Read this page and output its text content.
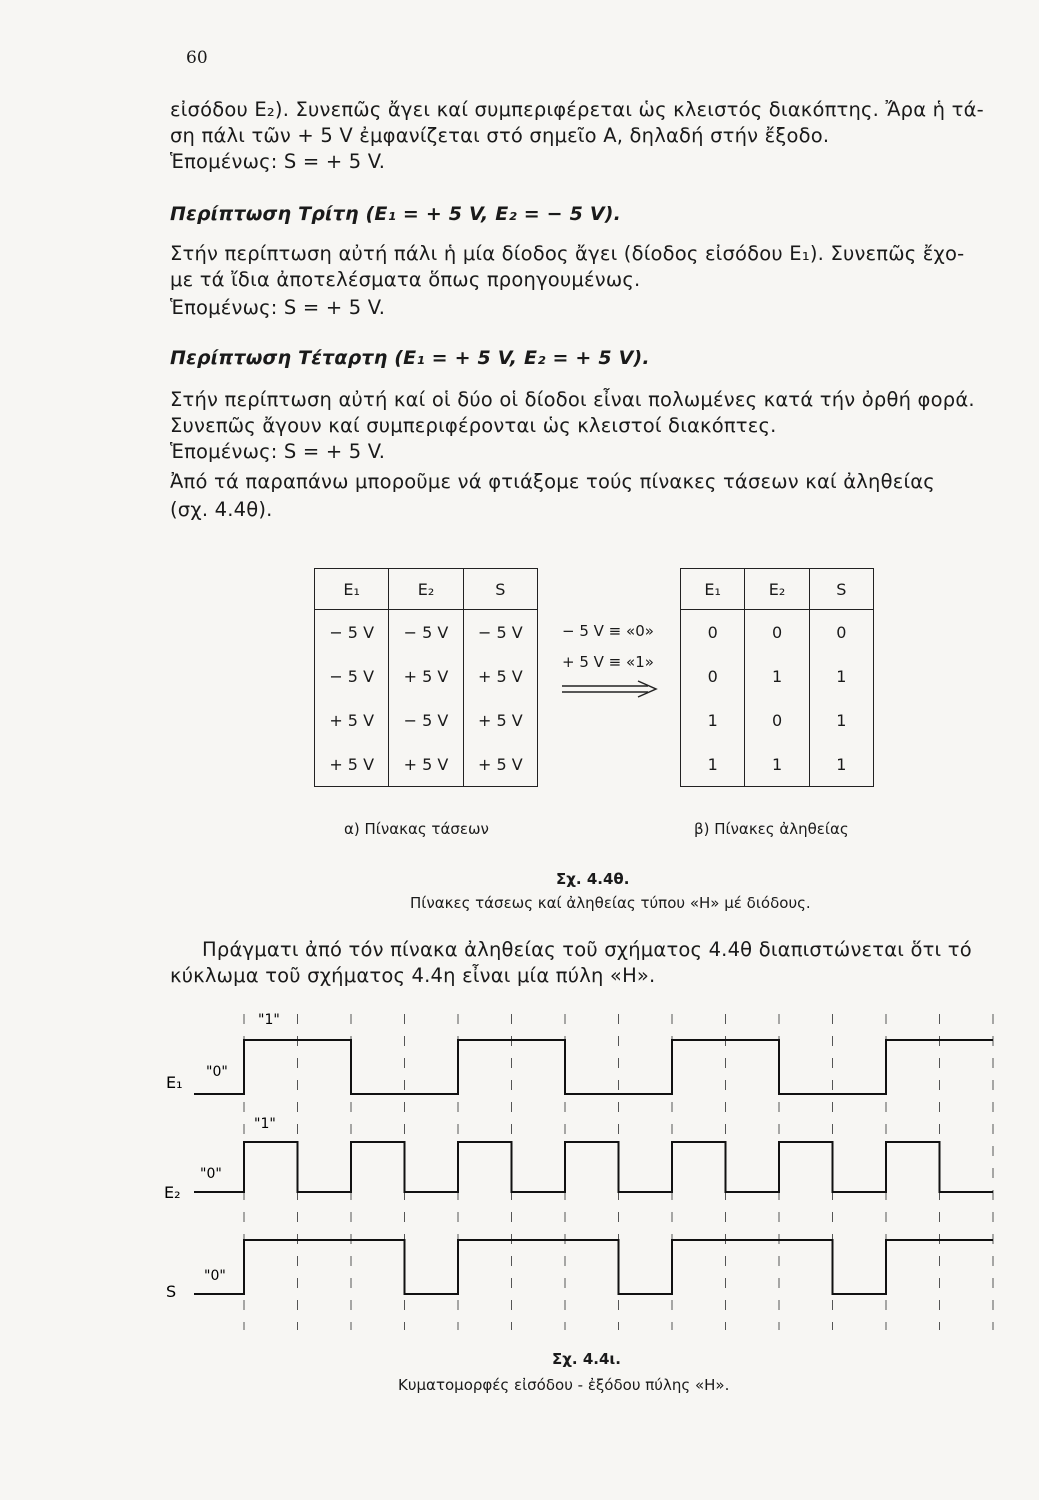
60
εἰσόδου E₂). Συνεπῶς ἄγει καί συμπεριφέρεται ὡς κλειστός διακόπτης. Ἄρα ἡ τά-
ση πάλι τῶν + 5 V ἐμφανίζεται στό σημεῖο A, δηλαδή στήν ἔξοδο.
Ἑπομένως: S = + 5 V.
Περίπτωση Τρίτη (E₁ = + 5 V, E₂ = − 5 V).
Στήν περίπτωση αὐτή πάλι ἡ μία δίοδος ἄγει (δίοδος εἰσόδου E₁). Συνεπῶς ἔχο-
με τά ἴδια ἀποτελέσματα ὅπως προηγουμένως.
Ἑπομένως: S = + 5 V.
Περίπτωση Τέταρτη (E₁ = + 5 V, E₂ = + 5 V).
Στήν περίπτωση αὐτή καί οἱ δύο οἱ δίοδοι εἶναι πολωμένες κατά τήν ὀρθή φορά.
Συνεπῶς ἄγουν καί συμπεριφέρονται ὡς κλειστοί διακόπτες.
Ἑπομένως: S = + 5 V.
Ἀπό τά παραπάνω μποροῦμε νά φτιάξομε τούς πίνακες τάσεων καί ἀληθείας
(σχ. 4.4θ).
E₁	E₂	S
− 5 V	− 5 V	− 5 V
− 5 V	+ 5 V	+ 5 V
+ 5 V	− 5 V	+ 5 V
+ 5 V	+ 5 V	+ 5 V
− 5 V ≡ «0»
+ 5 V ≡ «1»
E₁	E₂	S
0	0	0
0	1	1
1	0	1
1	1	1
α) Πίνακας τάσεων	β) Πίνακες ἀληθείας
Σχ. 4.4θ.
Πίνακες τάσεως καί ἀληθείας τύπου «H» μέ διόδους.
Πράγματι ἀπό τόν πίνακα ἀληθείας τοῦ σχήματος 4.4θ διαπιστώνεται ὅτι τό
κύκλωμα τοῦ σχήματος 4.4η εἶναι μία πύλη «H».
E₁
E₂
S
"1"
"0"
"1"
"0"
"0"
Σχ. 4.4ι.
Κυματομορφές εἰσόδου - ἐξόδου πύλης «H».
